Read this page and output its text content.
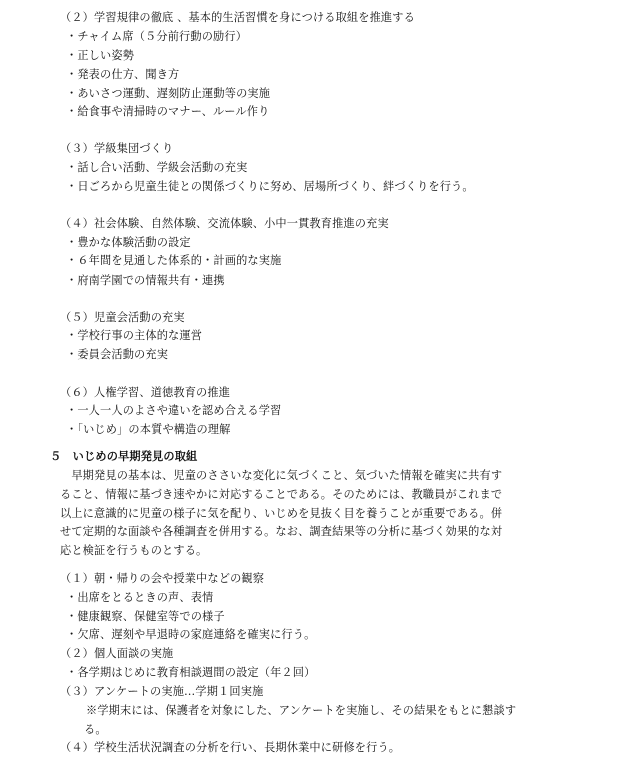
（２）学習規律の徹底 、基本的生活習慣を身につける取組を推進する
・チャイム席（５分前行動の励行）
・正しい姿勢
・発表の仕方、聞き方
・あいさつ運動、遅刻防止運動等の実施
・給食事や清掃時のマナー、ルール作り
（３）学級集団づくり
・話し合い活動、学級会活動の充実
・日ごろから児童生徒との関係づくりに努め、居場所づくり、絆づくりを行う。
（４）社会体験、自然体験、交流体験、小中一貫教育推進の充実
・豊かな体験活動の設定
・６年間を見通した体系的・計画的な実施
・府南学園での情報共有・連携
（５）児童会活動の充実
・学校行事の主体的な運営
・委員会活動の充実
（６）人権学習、道徳教育の推進
・一人一人のよさや違いを認め合える学習
・「いじめ」の本質や構造の理解
５　いじめの早期発見の取組
　早期発見の基本は、児童のささいな変化に気づくこと、気づいた情報を確実に共有す
ること、情報に基づき速やかに対応することである。そのためには、教職員がこれまで
以上に意識的に児童の様子に気を配り、いじめを見抜く目を養うことが重要である。併
せて定期的な面談や各種調査を併用する。なお、調査結果等の分析に基づく効果的な対
応と検証を行うものとする。
（１）朝・帰りの会や授業中などの観察
・出席をとるときの声、表情
・健康観察、保健室等での様子
・欠席、遅刻や早退時の家庭連絡を確実に行う。
（２）個人面談の実施
・各学期はじめに教育相談週間の設定（年２回）
（３）アンケートの実施…学期１回実施
※学期末には、保護者を対象にした、アンケートを実施し、その結果をもとに懇談す
る。
（４）学校生活状況調査の分析を行い、長期休業中に研修を行う。
